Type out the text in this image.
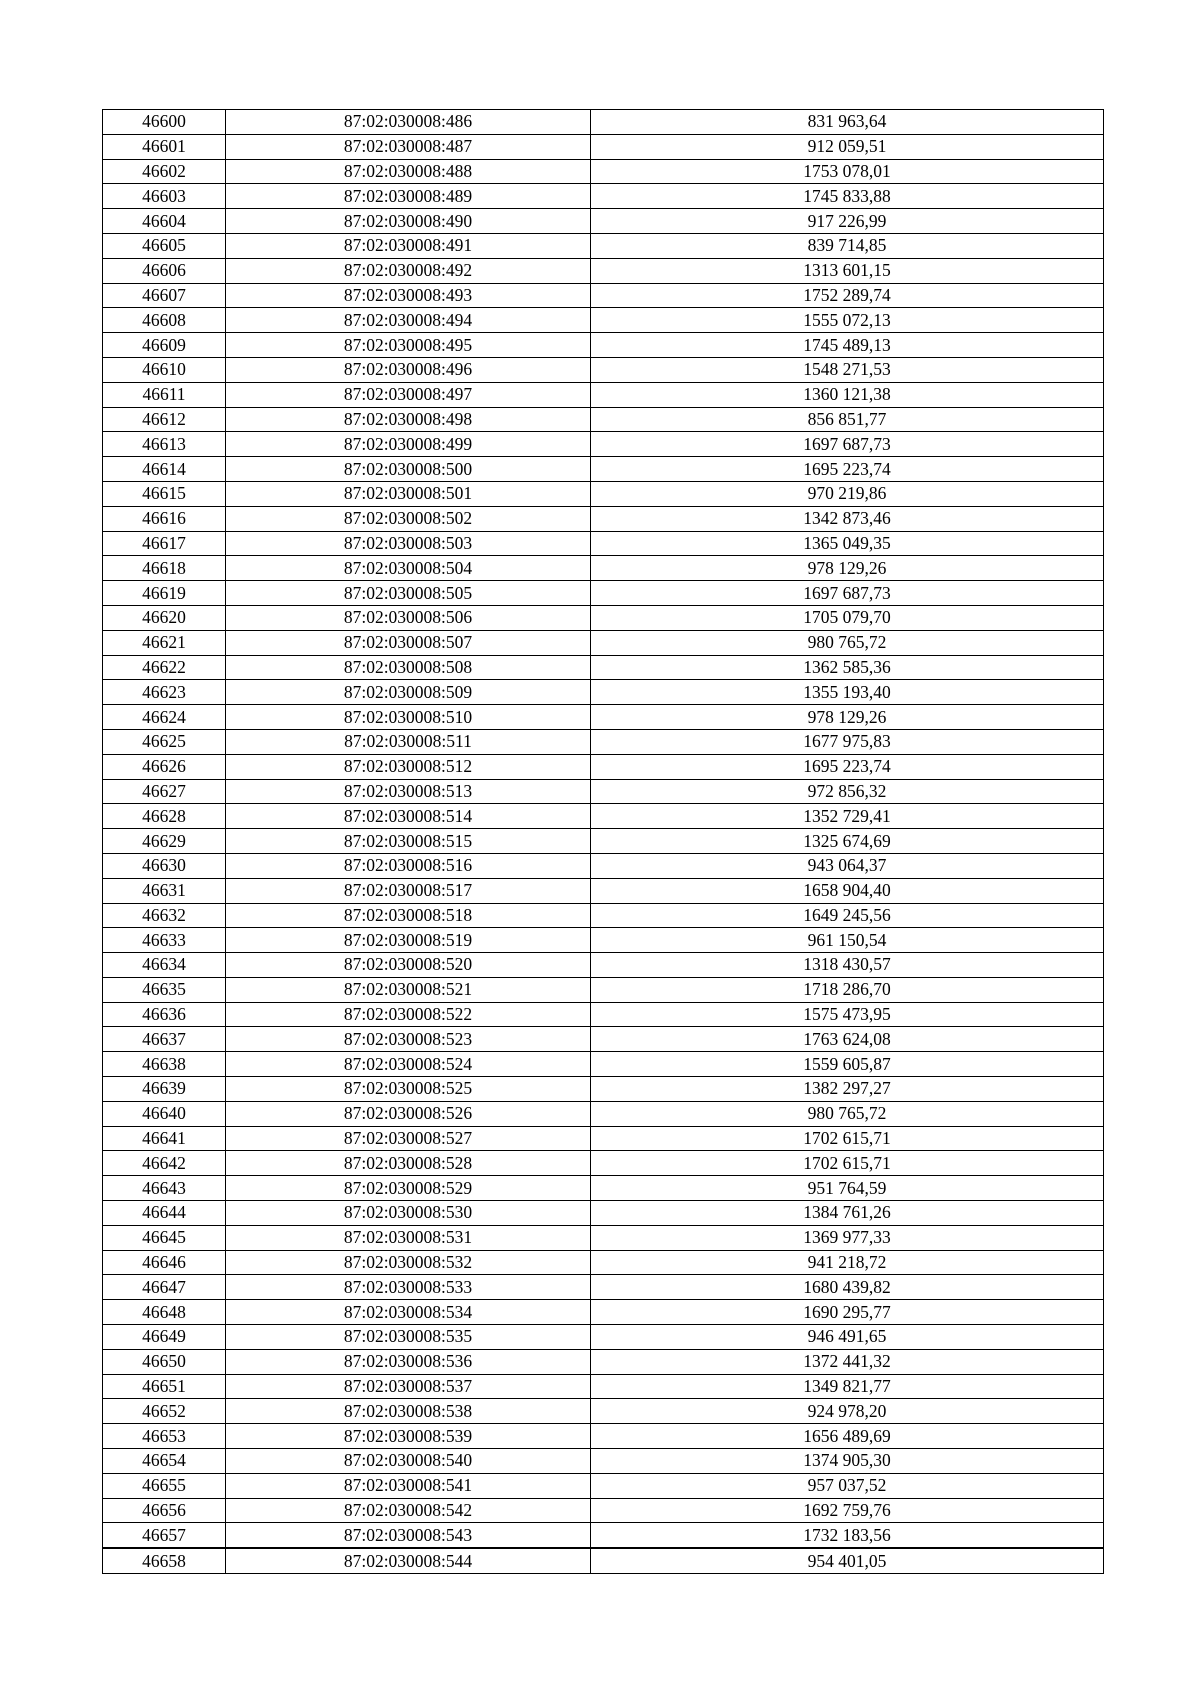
46600	87:02:030008:486	831 963,64
46601	87:02:030008:487	912 059,51
46602	87:02:030008:488	1753 078,01
46603	87:02:030008:489	1745 833,88
46604	87:02:030008:490	917 226,99
46605	87:02:030008:491	839 714,85
46606	87:02:030008:492	1313 601,15
46607	87:02:030008:493	1752 289,74
46608	87:02:030008:494	1555 072,13
46609	87:02:030008:495	1745 489,13
46610	87:02:030008:496	1548 271,53
46611	87:02:030008:497	1360 121,38
46612	87:02:030008:498	856 851,77
46613	87:02:030008:499	1697 687,73
46614	87:02:030008:500	1695 223,74
46615	87:02:030008:501	970 219,86
46616	87:02:030008:502	1342 873,46
46617	87:02:030008:503	1365 049,35
46618	87:02:030008:504	978 129,26
46619	87:02:030008:505	1697 687,73
46620	87:02:030008:506	1705 079,70
46621	87:02:030008:507	980 765,72
46622	87:02:030008:508	1362 585,36
46623	87:02:030008:509	1355 193,40
46624	87:02:030008:510	978 129,26
46625	87:02:030008:511	1677 975,83
46626	87:02:030008:512	1695 223,74
46627	87:02:030008:513	972 856,32
46628	87:02:030008:514	1352 729,41
46629	87:02:030008:515	1325 674,69
46630	87:02:030008:516	943 064,37
46631	87:02:030008:517	1658 904,40
46632	87:02:030008:518	1649 245,56
46633	87:02:030008:519	961 150,54
46634	87:02:030008:520	1318 430,57
46635	87:02:030008:521	1718 286,70
46636	87:02:030008:522	1575 473,95
46637	87:02:030008:523	1763 624,08
46638	87:02:030008:524	1559 605,87
46639	87:02:030008:525	1382 297,27
46640	87:02:030008:526	980 765,72
46641	87:02:030008:527	1702 615,71
46642	87:02:030008:528	1702 615,71
46643	87:02:030008:529	951 764,59
46644	87:02:030008:530	1384 761,26
46645	87:02:030008:531	1369 977,33
46646	87:02:030008:532	941 218,72
46647	87:02:030008:533	1680 439,82
46648	87:02:030008:534	1690 295,77
46649	87:02:030008:535	946 491,65
46650	87:02:030008:536	1372 441,32
46651	87:02:030008:537	1349 821,77
46652	87:02:030008:538	924 978,20
46653	87:02:030008:539	1656 489,69
46654	87:02:030008:540	1374 905,30
46655	87:02:030008:541	957 037,52
46656	87:02:030008:542	1692 759,76
46657	87:02:030008:543	1732 183,56
46658	87:02:030008:544	954 401,05
